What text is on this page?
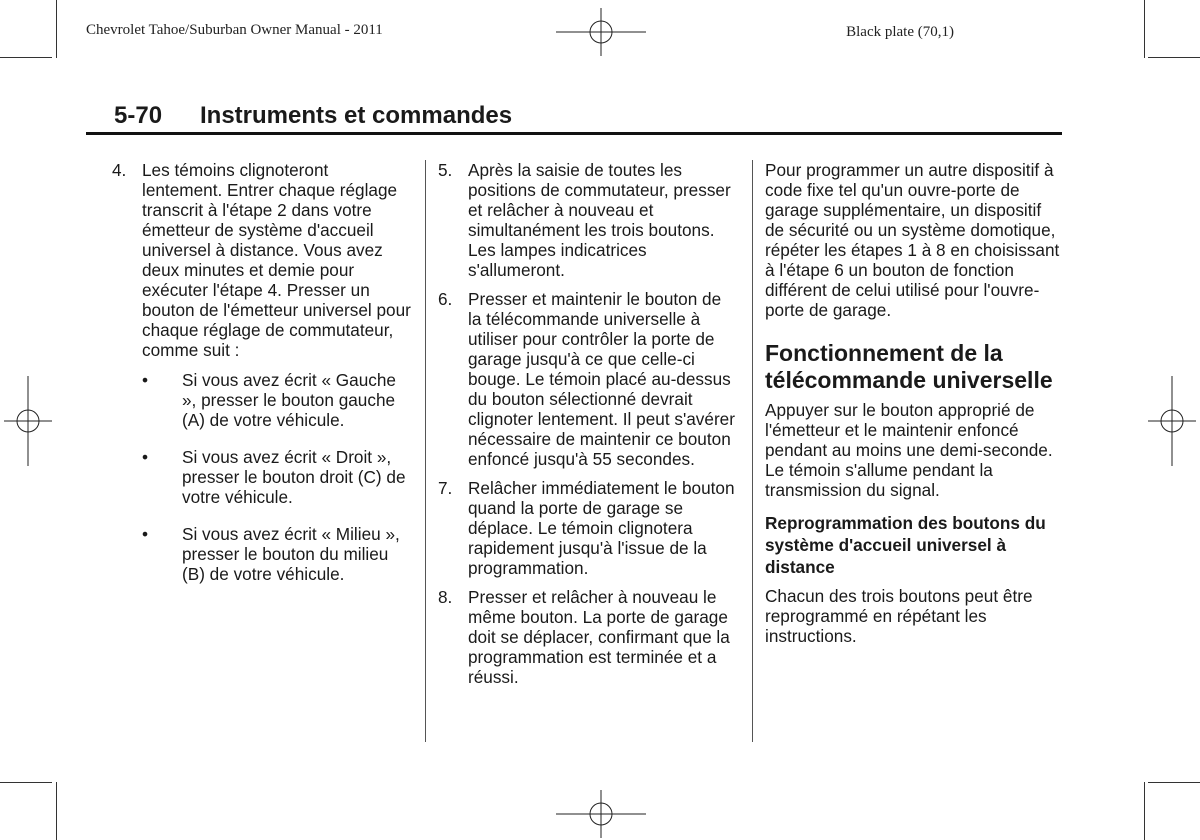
Chevrolet Tahoe/Suburban Owner Manual - 2011	Black plate (70,1)
5-70 Instruments et commandes
4. Les témoins clignoteront lentement. Entrer chaque réglage transcrit à l'étape 2 dans votre émetteur de système d'accueil universel à distance. Vous avez deux minutes et demie pour exécuter l'étape 4. Presser un bouton de l'émetteur universel pour chaque réglage de commutateur, comme suit :
•	Si vous avez écrit « Gauche », presser le bouton gauche (A) de votre véhicule.
•	Si vous avez écrit « Droit », presser le bouton droit (C) de votre véhicule.
•	Si vous avez écrit « Milieu », presser le bouton du milieu (B) de votre véhicule.
5. Après la saisie de toutes les positions de commutateur, presser et relâcher à nouveau et simultanément les trois boutons. Les lampes indicatrices s'allumeront.
6. Presser et maintenir le bouton de la télécommande universelle à utiliser pour contrôler la porte de garage jusqu'à ce que celle-ci bouge. Le témoin placé au-dessus du bouton sélectionné devrait clignoter lentement. Il peut s'avérer nécessaire de maintenir ce bouton enfoncé jusqu'à 55 secondes.
7. Relâcher immédiatement le bouton quand la porte de garage se déplace. Le témoin clignotera rapidement jusqu'à l'issue de la programmation.
8. Presser et relâcher à nouveau le même bouton. La porte de garage doit se déplacer, confirmant que la programmation est terminée et a réussi.

Pour programmer un autre dispositif à code fixe tel qu'un ouvre-porte de garage supplémentaire, un dispositif de sécurité ou un système domotique, répéter les étapes 1 à 8 en choisissant à l'étape 6 un bouton de fonction différent de celui utilisé pour l'ouvre-porte de garage.

Fonctionnement de la télécommande universelle

Appuyer sur le bouton approprié de l'émetteur et le maintenir enfoncé pendant au moins une demi-seconde. Le témoin s'allume pendant la transmission du signal.

Reprogrammation des boutons du système d'accueil universel à distance

Chacun des trois boutons peut être reprogrammé en répétant les instructions.
